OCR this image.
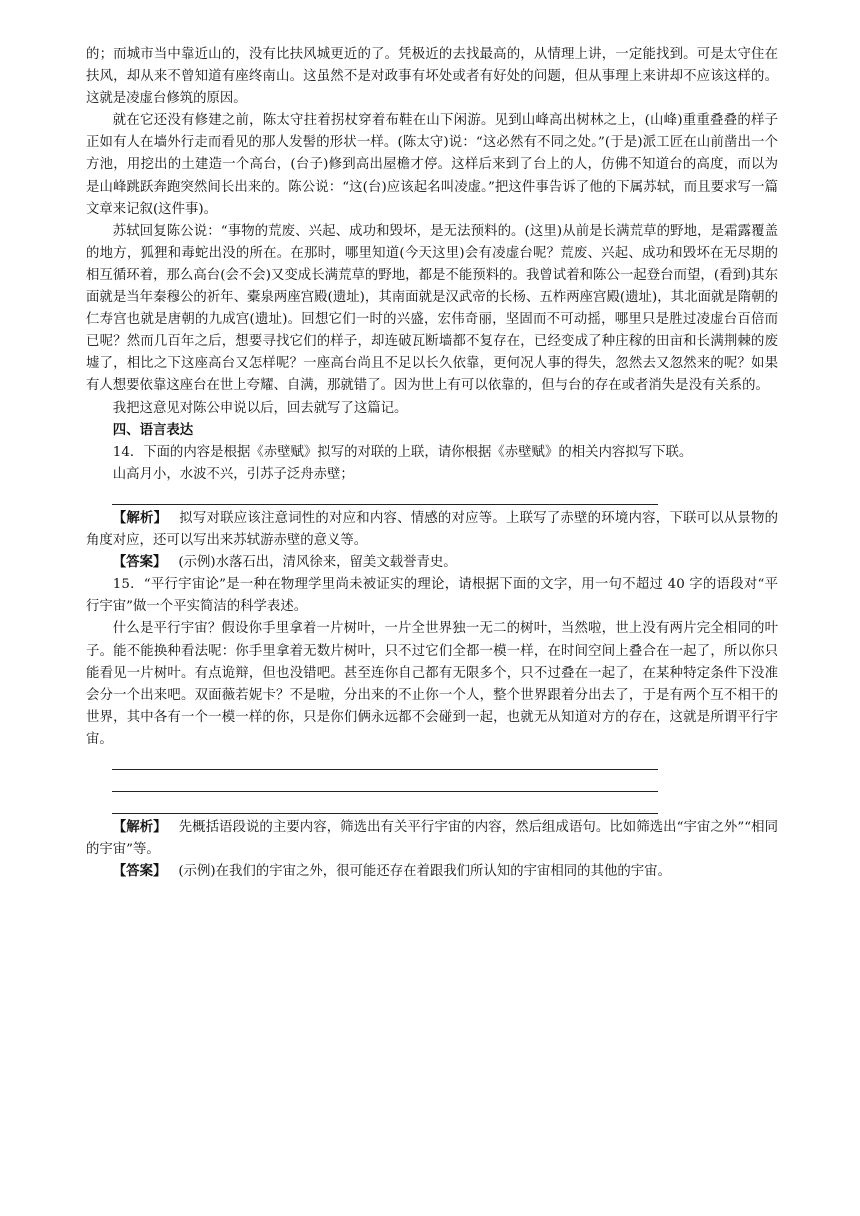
的；而城市当中靠近山的，没有比扶风城更近的了。凭极近的去找最高的，从情理上讲，一定能找到。可是太守住在扶风，却从来不曾知道有座终南山。这虽然不是对政事有坏处或者有好处的问题，但从事理上来讲却不应该这样的。这就是凌虚台修筑的原因。

就在它还没有修建之前，陈太守拄着拐杖穿着布鞋在山下闲游。见到山峰高出树林之上，(山峰)重重叠叠的样子正如有人在墙外行走而看见的那人发髻的形状一样。(陈太守)说：“这必然有不同之处。”(于是)派工匠在山前凿出一个方池，用挖出的土建造一个高台，(台子)修到高出屋檐才停。这样后来到了台上的人，仿佛不知道台的高度，而以为是山峰跳跃奔跑突然间长出来的。陈公说：“这(台)应该起名叫凌虚。”把这件事告诉了他的下属苏轼，而且要求写一篇文章来记叙(这件事)。

苏轼回复陈公说：“事物的荒废、兴起、成功和毁坏，是无法预料的。(这里)从前是长满荒草的野地，是霜露覆盖的地方，狐狸和毒蛇出没的所在。在那时，哪里知道(今天这里)会有凌虚台呢？荒废、兴起、成功和毁坏在无尽期的相互循环着，那么高台(会不会)又变成长满荒草的野地，都是不能预料的。我曾试着和陈公一起登台而望，(看到)其东面就是当年秦穆公的祈年、橐泉两座宫殿(遗址)，其南面就是汉武帝的长杨、五柞两座宫殿(遗址)，其北面就是隋朝的仁寿宫也就是唐朝的九成宫(遗址)。回想它们一时的兴盛，宏伟奇丽，坚固而不可动摇，哪里只是胜过凌虚台百倍而已呢？然而几百年之后，想要寻找它们的样子，却连破瓦断墙都不复存在，已经变成了种庄稼的田亩和长满荆棘的废墟了，相比之下这座高台又怎样呢？一座高台尚且不足以长久依靠，更何况人事的得失，忽然去又忽然来的呢？如果有人想要依靠这座台在世上夸耀、自满，那就错了。因为世上有可以依靠的，但与台的存在或者消失是没有关系的。

我把这意见对陈公申说以后，回去就写了这篇记。

四、语言表达

14．下面的内容是根据《赤壁赋》拟写的对联的上联，请你根据《赤壁赋》的相关内容拟写下联。

山高月小，水波不兴，引苏子泛舟赤壁；

【解析】 拟写对联应该注意词性的对应和内容、情感的对应等。上联写了赤壁的环境内容，下联可以从景物的角度对应，还可以写出来苏轼游赤壁的意义等。

【答案】 (示例)水落石出，清风徐来，留美文载誉青史。

15．“平行宇宙论”是一种在物理学里尚未被证实的理论，请根据下面的文字，用一句不超过 40 字的语段对“平行宇宙”做一个平实简洁的科学表述。

什么是平行宇宙？假设你手里拿着一片树叶，一片全世界独一无二的树叶，当然啦，世上没有两片完全相同的叶子。能不能换种看法呢：你手里拿着无数片树叶，只不过它们全都一模一样，在时间空间上叠合在一起了，所以你只能看见一片树叶。有点诡辩，但也没错吧。甚至连你自己都有无限多个，只不过叠在一起了，在某种特定条件下没准会分一个出来吧。双面薇若妮卡？不是啦，分出来的不止你一个人，整个世界跟着分出去了，于是有两个互不相干的世界，其中各有一个一模一样的你，只是你们俩永远都不会碰到一起，也就无从知道对方的存在，这就是所谓平行宇宙。

【解析】 先概括语段说的主要内容，筛选出有关平行宇宙的内容，然后组成语句。比如筛选出“宇宙之外”“相同的宇宙”等。

【答案】 (示例)在我们的宇宙之外，很可能还存在着跟我们所认知的宇宙相同的其他的宇宙。
